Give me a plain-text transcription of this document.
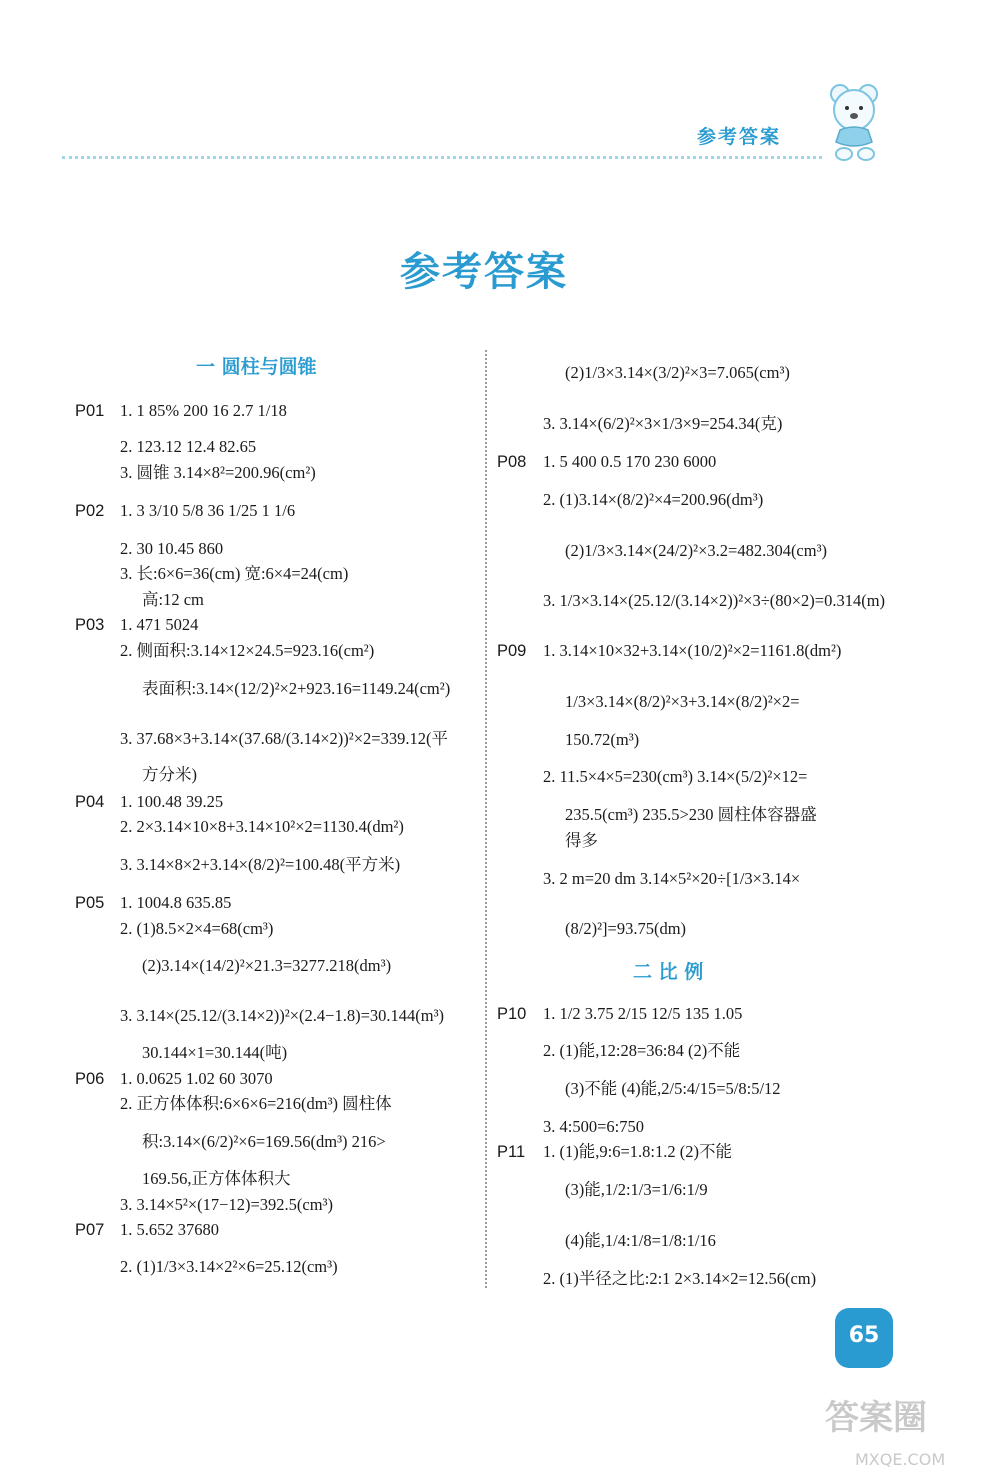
参考答案
参考答案
一 圆柱与圆锥
二 比 例
P01 1. 1 85% 200 16 2.7 1/18
2. 123.12 12.4 82.65
3. 圆锥 3.14×8²=200.96(cm²)
P02 1. 3 3/10 5/8 36 1/25 1 1/6
2. 30 10.45 860
3. 长:6×6=36(cm) 宽:6×4=24(cm)
高:12 cm
P03 1. 471 5024
2. 侧面积:3.14×12×24.5=923.16(cm²)
表面积:3.14×(12/2)²×2+923.16=1149.24(cm²)
3. 37.68×3+3.14×(37.68/(3.14×2))²×2=339.12(平
方分米)
P04 1. 100.48 39.25
2. 2×3.14×10×8+3.14×10²×2=1130.4(dm²)
3. 3.14×8×2+3.14×(8/2)²=100.48(平方米)
P05 1. 1004.8 635.85
2. (1)8.5×2×4=68(cm³)
(2)3.14×(14/2)²×21.3=3277.218(dm³)
3. 3.14×(25.12/(3.14×2))²×(2.4−1.8)=30.144(m³)
30.144×1=30.144(吨)
P06 1. 0.0625 1.02 60 3070
2. 正方体体积:6×6×6=216(dm³) 圆柱体
积:3.14×(6/2)²×6=169.56(dm³) 216>
169.56,正方体体积大
3. 3.14×5²×(17−12)=392.5(cm³)
P07 1. 5.652 37680
2. (1)1/3×3.14×2²×6=25.12(cm³)
(2)1/3×3.14×(3/2)²×3=7.065(cm³)
3. 3.14×(6/2)²×3×1/3×9=254.34(克)
P08 1. 5 400 0.5 170 230 6000
2. (1)3.14×(8/2)²×4=200.96(dm³)
(2)1/3×3.14×(24/2)²×3.2=482.304(cm³)
3. 1/3×3.14×(25.12/(3.14×2))²×3÷(80×2)=0.314(m)
P09 1. 3.14×10×32+3.14×(10/2)²×2=1161.8(dm²)
1/3×3.14×(8/2)²×3+3.14×(8/2)²×2=
150.72(m³)
2. 11.5×4×5=230(cm³) 3.14×(5/2)²×12=
235.5(cm³) 235.5>230 圆柱体容器盛
得多
3. 2 m=20 dm 3.14×5²×20÷[1/3×3.14×
(8/2)²]=93.75(dm)
P10 1. 1/2 3.75 2/15 12/5 135 1.05
2. (1)能,12:28=36:84 (2)不能
(3)不能 (4)能,2/5:4/15=5/8:5/12
3. 4:500=6:750
P11 1. (1)能,9:6=1.8:1.2 (2)不能
(3)能,1/2:1/3=1/6:1/9
(4)能,1/4:1/8=1/8:1/16
2. (1)半径之比:2:1 2×3.14×2=12.56(cm)
65
答案圈
MXQE.COM
